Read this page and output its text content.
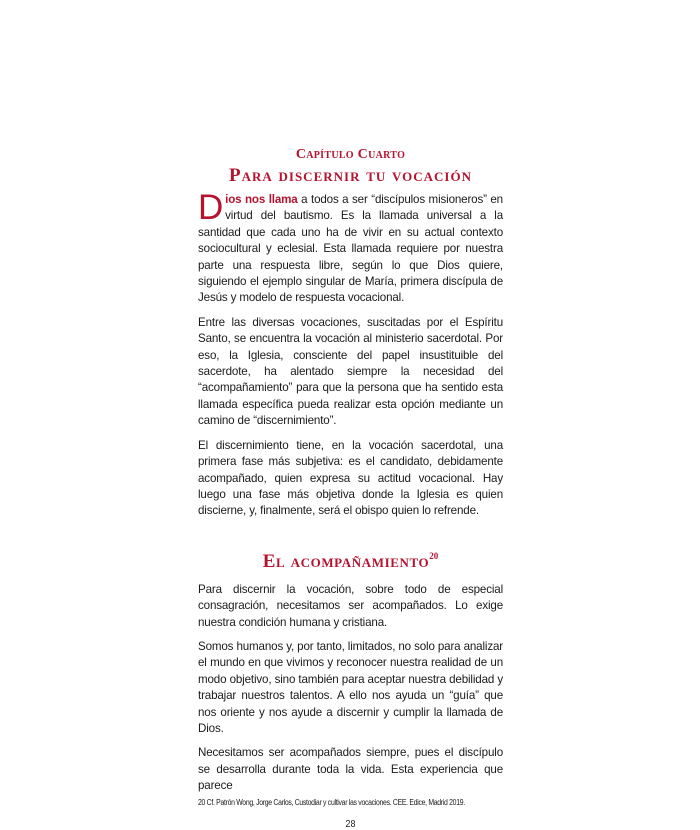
Capítulo Cuarto
Para discernir tu vocación

Dios nos llama a todos a ser “discípulos misioneros” en virtud del bautismo. Es la llamada universal a la santidad que cada uno ha de vivir en su actual contexto sociocultural y eclesial. Esta llamada requiere por nuestra parte una respuesta libre, según lo que Dios quiere, siguiendo el ejemplo singular de María, primera discípula de Jesús y modelo de respuesta vocacional.

Entre las diversas vocaciones, suscitadas por el Espíritu Santo, se encuentra la vocación al ministerio sacerdotal. Por eso, la Iglesia, consciente del papel insustituible del sacerdote, ha alentado siempre la necesidad del “acompañamiento” para que la persona que ha sentido esta llamada específica pueda realizar esta opción mediante un camino de “discernimiento”.

El discernimiento tiene, en la vocación sacerdotal, una primera fase más subjetiva: es el candidato, debidamente acompañado, quien expresa su actitud vocacional. Hay luego una fase más objetiva donde la Iglesia es quien discierne, y, finalmente, será el obispo quien lo refrende.

El acompañamiento$^{20}$

Para discernir la vocación, sobre todo de especial consagración, necesitamos ser acompañados. Lo exige nuestra condición humana y cristiana.

Somos humanos y, por tanto, limitados, no solo para analizar el mundo en que vivimos y reconocer nuestra realidad de un modo objetivo, sino también para aceptar nuestra debilidad y trabajar nuestros talentos. A ello nos ayuda un “guía” que nos oriente y nos ayude a discernir y cumplir la llamada de Dios.

Necesitamos ser acompañados siempre, pues el discípulo se desarrolla durante toda la vida. Esta experiencia que parece

20 Cf. Patrón Wong, Jorge Carlos, Custodiar y cultivar las vocaciones. CEE. Edice, Madrid 2019.

28
